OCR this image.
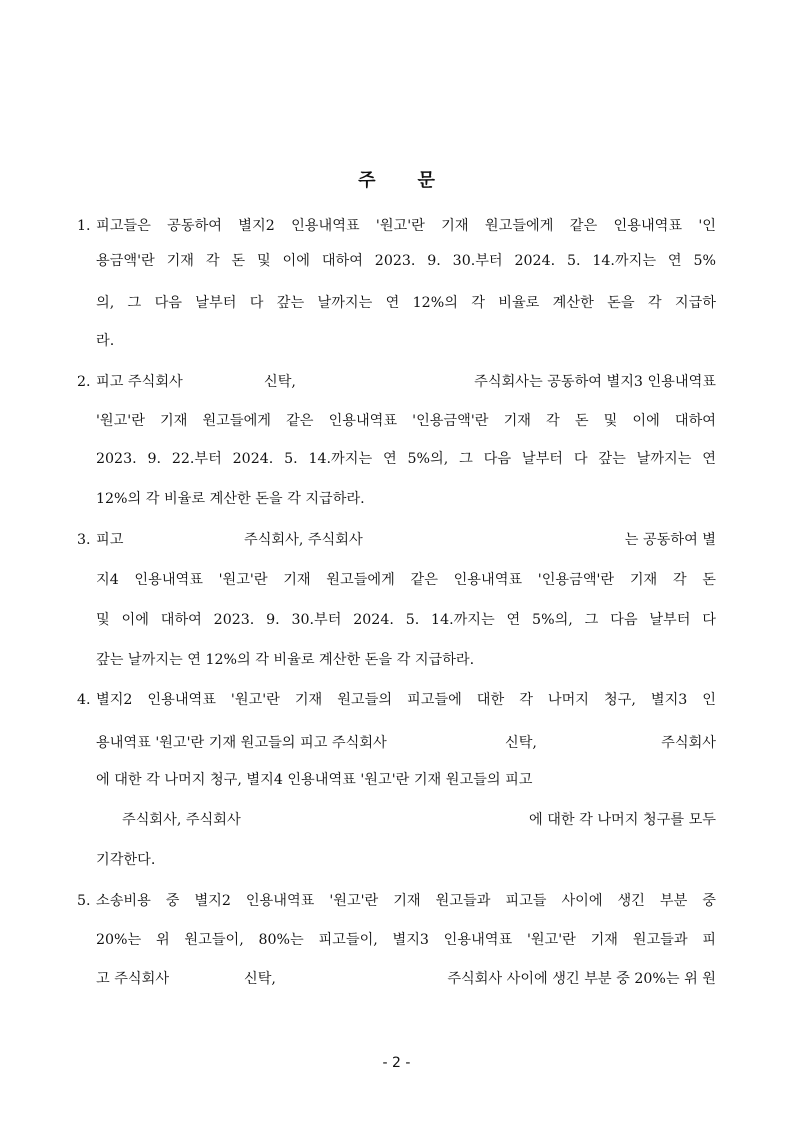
주 문
1. 피고들은 공동하여 별지2 인용내역표 '원고'란 기재 원고들에게 같은 인용내역표 '인
용금액'란 기재 각 돈 및 이에 대하여 2023. 9. 30.부터 2024. 5. 14.까지는 연 5%
의, 그 다음 날부터 다 갚는 날까지는 연 12%의 각 비율로 계산한 돈을 각 지급하
라.
2. 피고 주식회사	신탁,	주식회사는 공동하여 별지3 인용내역표
'원고'란 기재 원고들에게 같은 인용내역표 '인용금액'란 기재 각 돈 및 이에 대하여
2023. 9. 22.부터 2024. 5. 14.까지는 연 5%의, 그 다음 날부터 다 갚는 날까지는 연
12%의 각 비율로 계산한 돈을 각 지급하라.
3. 피고	주식회사, 주식회사	는 공동하여 별
지4 인용내역표 '원고'란 기재 원고들에게 같은 인용내역표 '인용금액'란 기재 각 돈
및 이에 대하여 2023. 9. 30.부터 2024. 5. 14.까지는 연 5%의, 그 다음 날부터 다
갚는 날까지는 연 12%의 각 비율로 계산한 돈을 각 지급하라.
4. 별지2 인용내역표 '원고'란 기재 원고들의 피고들에 대한 각 나머지 청구, 별지3 인
용내역표 '원고'란 기재 원고들의 피고 주식회사	신탁,	주식회사
에 대한 각 나머지 청구, 별지4 인용내역표 '원고'란 기재 원고들의 피고
주식회사, 주식회사	에 대한 각 나머지 청구를 모두
기각한다.
5. 소송비용 중 별지2 인용내역표 '원고'란 기재 원고들과 피고들 사이에 생긴 부분 중
20%는 위 원고들이, 80%는 피고들이, 별지3 인용내역표 '원고'란 기재 원고들과 피
고 주식회사	신탁,	주식회사 사이에 생긴 부분 중 20%는 위 원
- 2 -
